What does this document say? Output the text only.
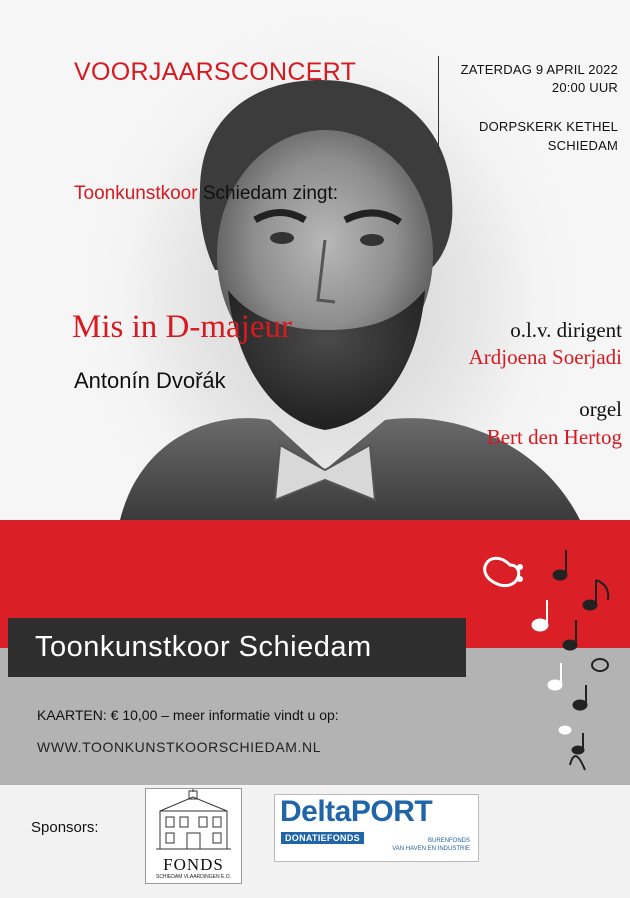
VOORJAARSCONCERT	ZATERDAG 9 APRIL 2022
20:00 UUR
DORPSKERK KETHEL
SCHIEDAM
Toonkunstkoor Schiedam zingt:
Mis in D-majeur
Antonín Dvořák
o.l.v. dirigent
Ardjoena Soerjadi
orgel
Bert den Hertog
Toonkunstkoor Schiedam
KAARTEN: € 10,00 – meer informatie vindt u op:
WWW.TOONKUNSTKOORSCHIEDAM.NL
Sponsors:
FONDS
SCHIEDAM VLAARDINGEN E.O.
DeltaPORT
DONATIEFONDS	BURENFONDS
VAN HAVEN EN INDUSTRIE
